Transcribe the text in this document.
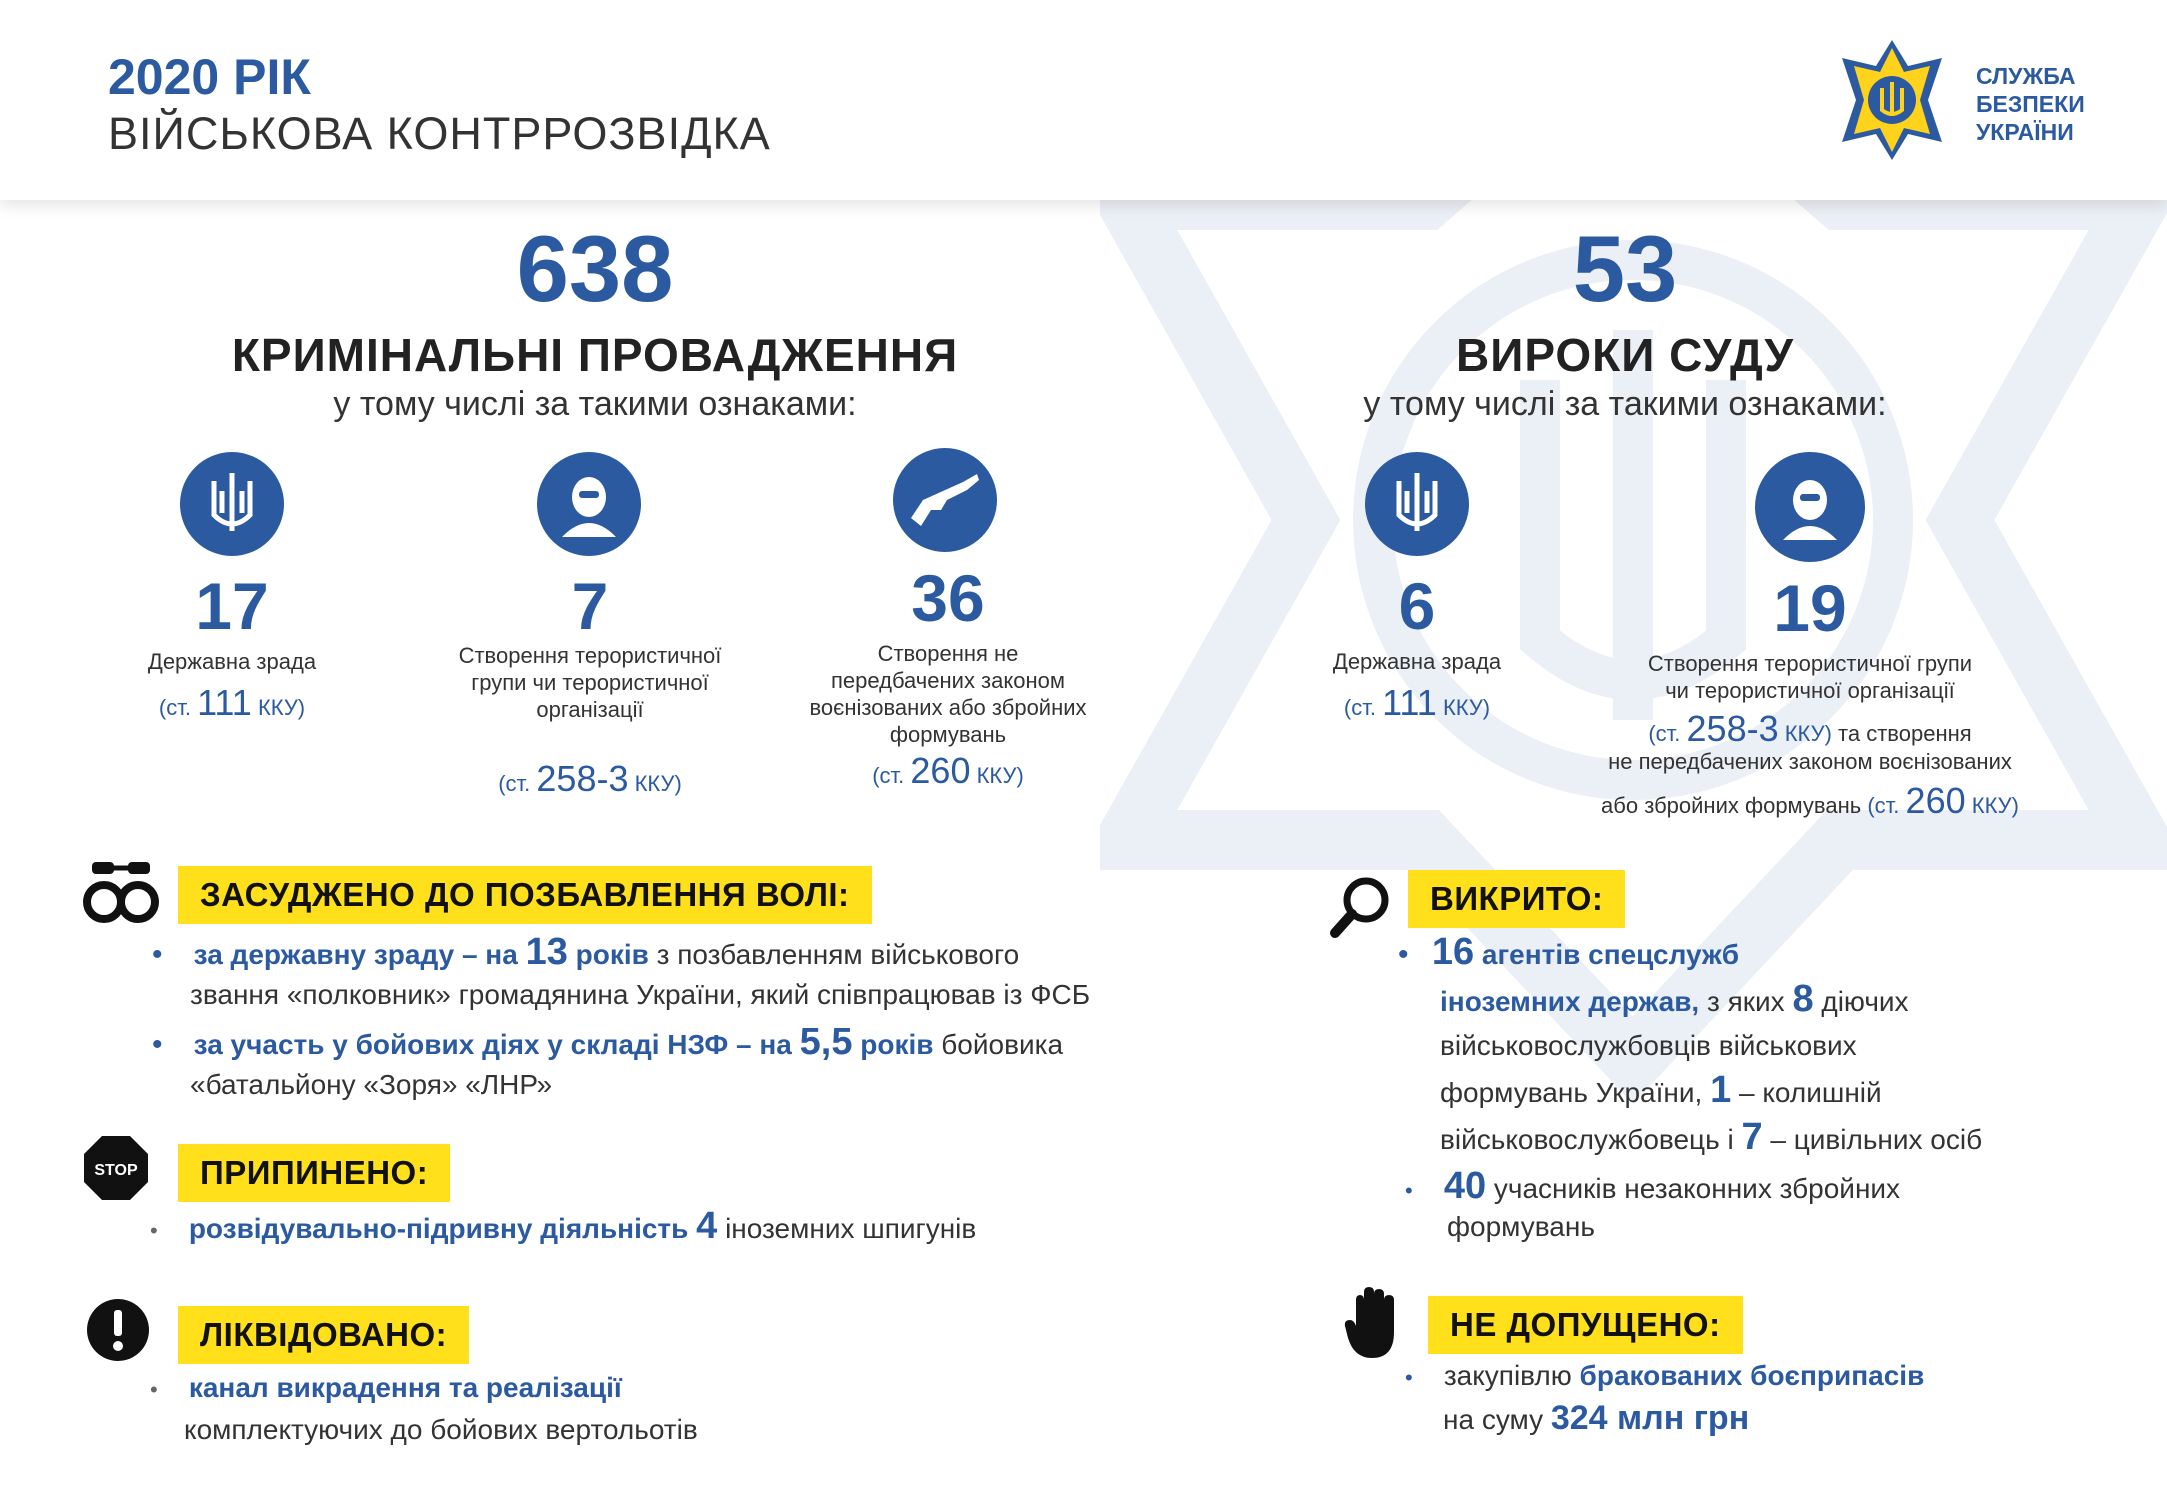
2020 РІК
ВІЙСЬКОВА КОНТРРОЗВІДКА
СЛУЖБА
БЕЗПЕКИ
УКРАЇНИ
638
КРИМІНАЛЬНІ ПРОВАДЖЕННЯ
у тому числі за такими ознаками:
17
Державна зрада
(ст. 111 ККУ)
7
Створення терористичної групи чи терористичної організації
(ст. 258-3 ККУ)
36
Створення не передбачених законом воєнізованих або збройних формувань
(ст. 260 ККУ)
53
ВИРОКИ СУДУ
у тому числі за такими ознаками:
6
Державна зрада
(ст. 111 ККУ)
19
Створення терористичної групи
чи терористичної організації
(ст. 258-3 ККУ) та створення
не передбачених законом воєнізованих
або збройних формувань (ст. 260 ККУ)
ЗАСУДЖЕНО ДО ПОЗБАВЛЕННЯ ВОЛІ:
• за державну зраду – на 13 років з позбавленням військового
звання «полковник» громадянина України, який співпрацював із ФСБ
• за участь у бойових діях у складі НЗФ – на 5,5 років бойовика
«батальйону «Зоря» «ЛНР»
STOP	ПРИПИНЕНО:
• розвідувально-підривну діяльність 4 іноземних шпигунів
ЛІКВІДОВАНО:
• канал викрадення та реалізації
комплектуючих до бойових вертольотів
ВИКРИТО:
• 16 агентів спецслужб
іноземних держав, з яких 8 діючих
військовослужбовців військових
формувань України, 1 – колишній
військовослужбовець і 7 – цивільних осіб
• 40 учасників незаконних збройних
формувань
НЕ ДОПУЩЕНО:
• закупівлю бракованих боєприпасів
на суму 324 млн грн
